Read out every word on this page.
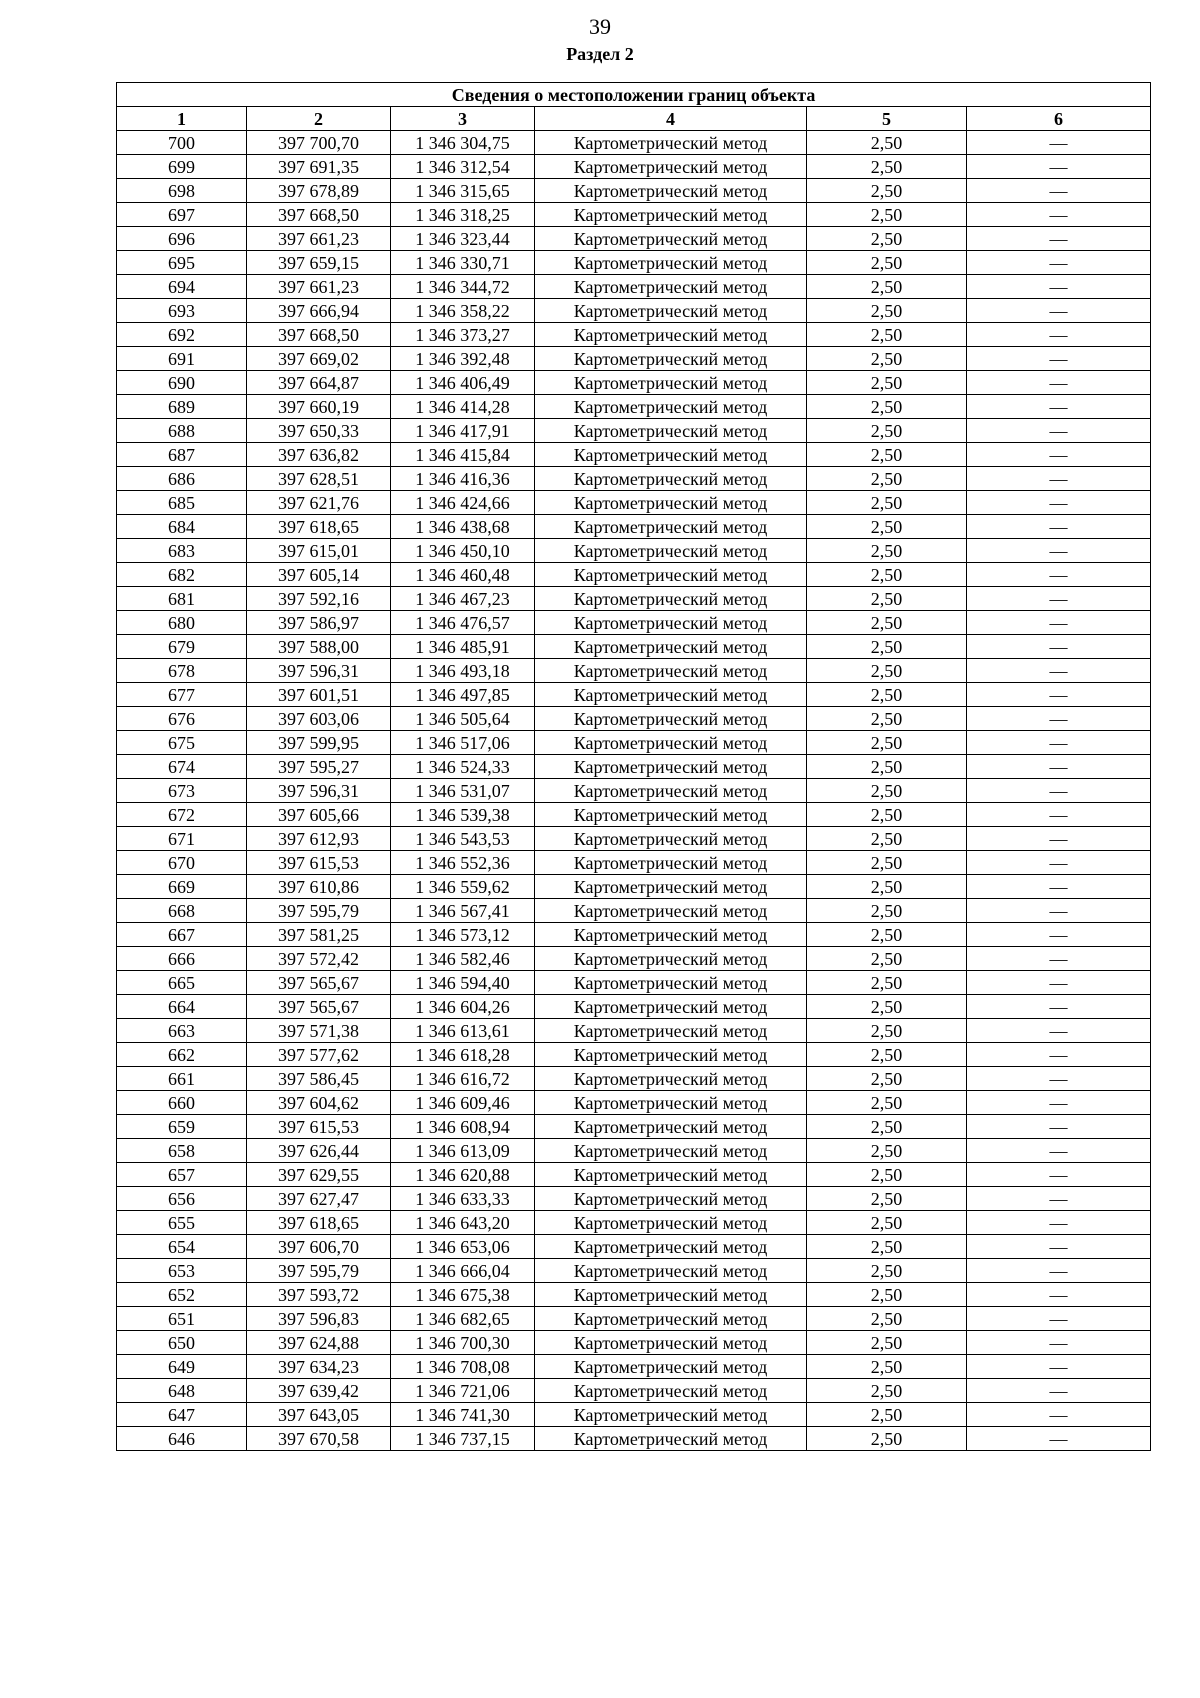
39
Раздел 2
Сведения о местоположении границ объекта					
1	2	3	4	5	6
700	397 700,70	1 346 304,75	Картометрический метод	2,50	—
699	397 691,35	1 346 312,54	Картометрический метод	2,50	—
698	397 678,89	1 346 315,65	Картометрический метод	2,50	—
697	397 668,50	1 346 318,25	Картометрический метод	2,50	—
696	397 661,23	1 346 323,44	Картометрический метод	2,50	—
695	397 659,15	1 346 330,71	Картометрический метод	2,50	—
694	397 661,23	1 346 344,72	Картометрический метод	2,50	—
693	397 666,94	1 346 358,22	Картометрический метод	2,50	—
692	397 668,50	1 346 373,27	Картометрический метод	2,50	—
691	397 669,02	1 346 392,48	Картометрический метод	2,50	—
690	397 664,87	1 346 406,49	Картометрический метод	2,50	—
689	397 660,19	1 346 414,28	Картометрический метод	2,50	—
688	397 650,33	1 346 417,91	Картометрический метод	2,50	—
687	397 636,82	1 346 415,84	Картометрический метод	2,50	—
686	397 628,51	1 346 416,36	Картометрический метод	2,50	—
685	397 621,76	1 346 424,66	Картометрический метод	2,50	—
684	397 618,65	1 346 438,68	Картометрический метод	2,50	—
683	397 615,01	1 346 450,10	Картометрический метод	2,50	—
682	397 605,14	1 346 460,48	Картометрический метод	2,50	—
681	397 592,16	1 346 467,23	Картометрический метод	2,50	—
680	397 586,97	1 346 476,57	Картометрический метод	2,50	—
679	397 588,00	1 346 485,91	Картометрический метод	2,50	—
678	397 596,31	1 346 493,18	Картометрический метод	2,50	—
677	397 601,51	1 346 497,85	Картометрический метод	2,50	—
676	397 603,06	1 346 505,64	Картометрический метод	2,50	—
675	397 599,95	1 346 517,06	Картометрический метод	2,50	—
674	397 595,27	1 346 524,33	Картометрический метод	2,50	—
673	397 596,31	1 346 531,07	Картометрический метод	2,50	—
672	397 605,66	1 346 539,38	Картометрический метод	2,50	—
671	397 612,93	1 346 543,53	Картометрический метод	2,50	—
670	397 615,53	1 346 552,36	Картометрический метод	2,50	—
669	397 610,86	1 346 559,62	Картометрический метод	2,50	—
668	397 595,79	1 346 567,41	Картометрический метод	2,50	—
667	397 581,25	1 346 573,12	Картометрический метод	2,50	—
666	397 572,42	1 346 582,46	Картометрический метод	2,50	—
665	397 565,67	1 346 594,40	Картометрический метод	2,50	—
664	397 565,67	1 346 604,26	Картометрический метод	2,50	—
663	397 571,38	1 346 613,61	Картометрический метод	2,50	—
662	397 577,62	1 346 618,28	Картометрический метод	2,50	—
661	397 586,45	1 346 616,72	Картометрический метод	2,50	—
660	397 604,62	1 346 609,46	Картометрический метод	2,50	—
659	397 615,53	1 346 608,94	Картометрический метод	2,50	—
658	397 626,44	1 346 613,09	Картометрический метод	2,50	—
657	397 629,55	1 346 620,88	Картометрический метод	2,50	—
656	397 627,47	1 346 633,33	Картометрический метод	2,50	—
655	397 618,65	1 346 643,20	Картометрический метод	2,50	—
654	397 606,70	1 346 653,06	Картометрический метод	2,50	—
653	397 595,79	1 346 666,04	Картометрический метод	2,50	—
652	397 593,72	1 346 675,38	Картометрический метод	2,50	—
651	397 596,83	1 346 682,65	Картометрический метод	2,50	—
650	397 624,88	1 346 700,30	Картометрический метод	2,50	—
649	397 634,23	1 346 708,08	Картометрический метод	2,50	—
648	397 639,42	1 346 721,06	Картометрический метод	2,50	—
647	397 643,05	1 346 741,30	Картометрический метод	2,50	—
646	397 670,58	1 346 737,15	Картометрический метод	2,50	—
